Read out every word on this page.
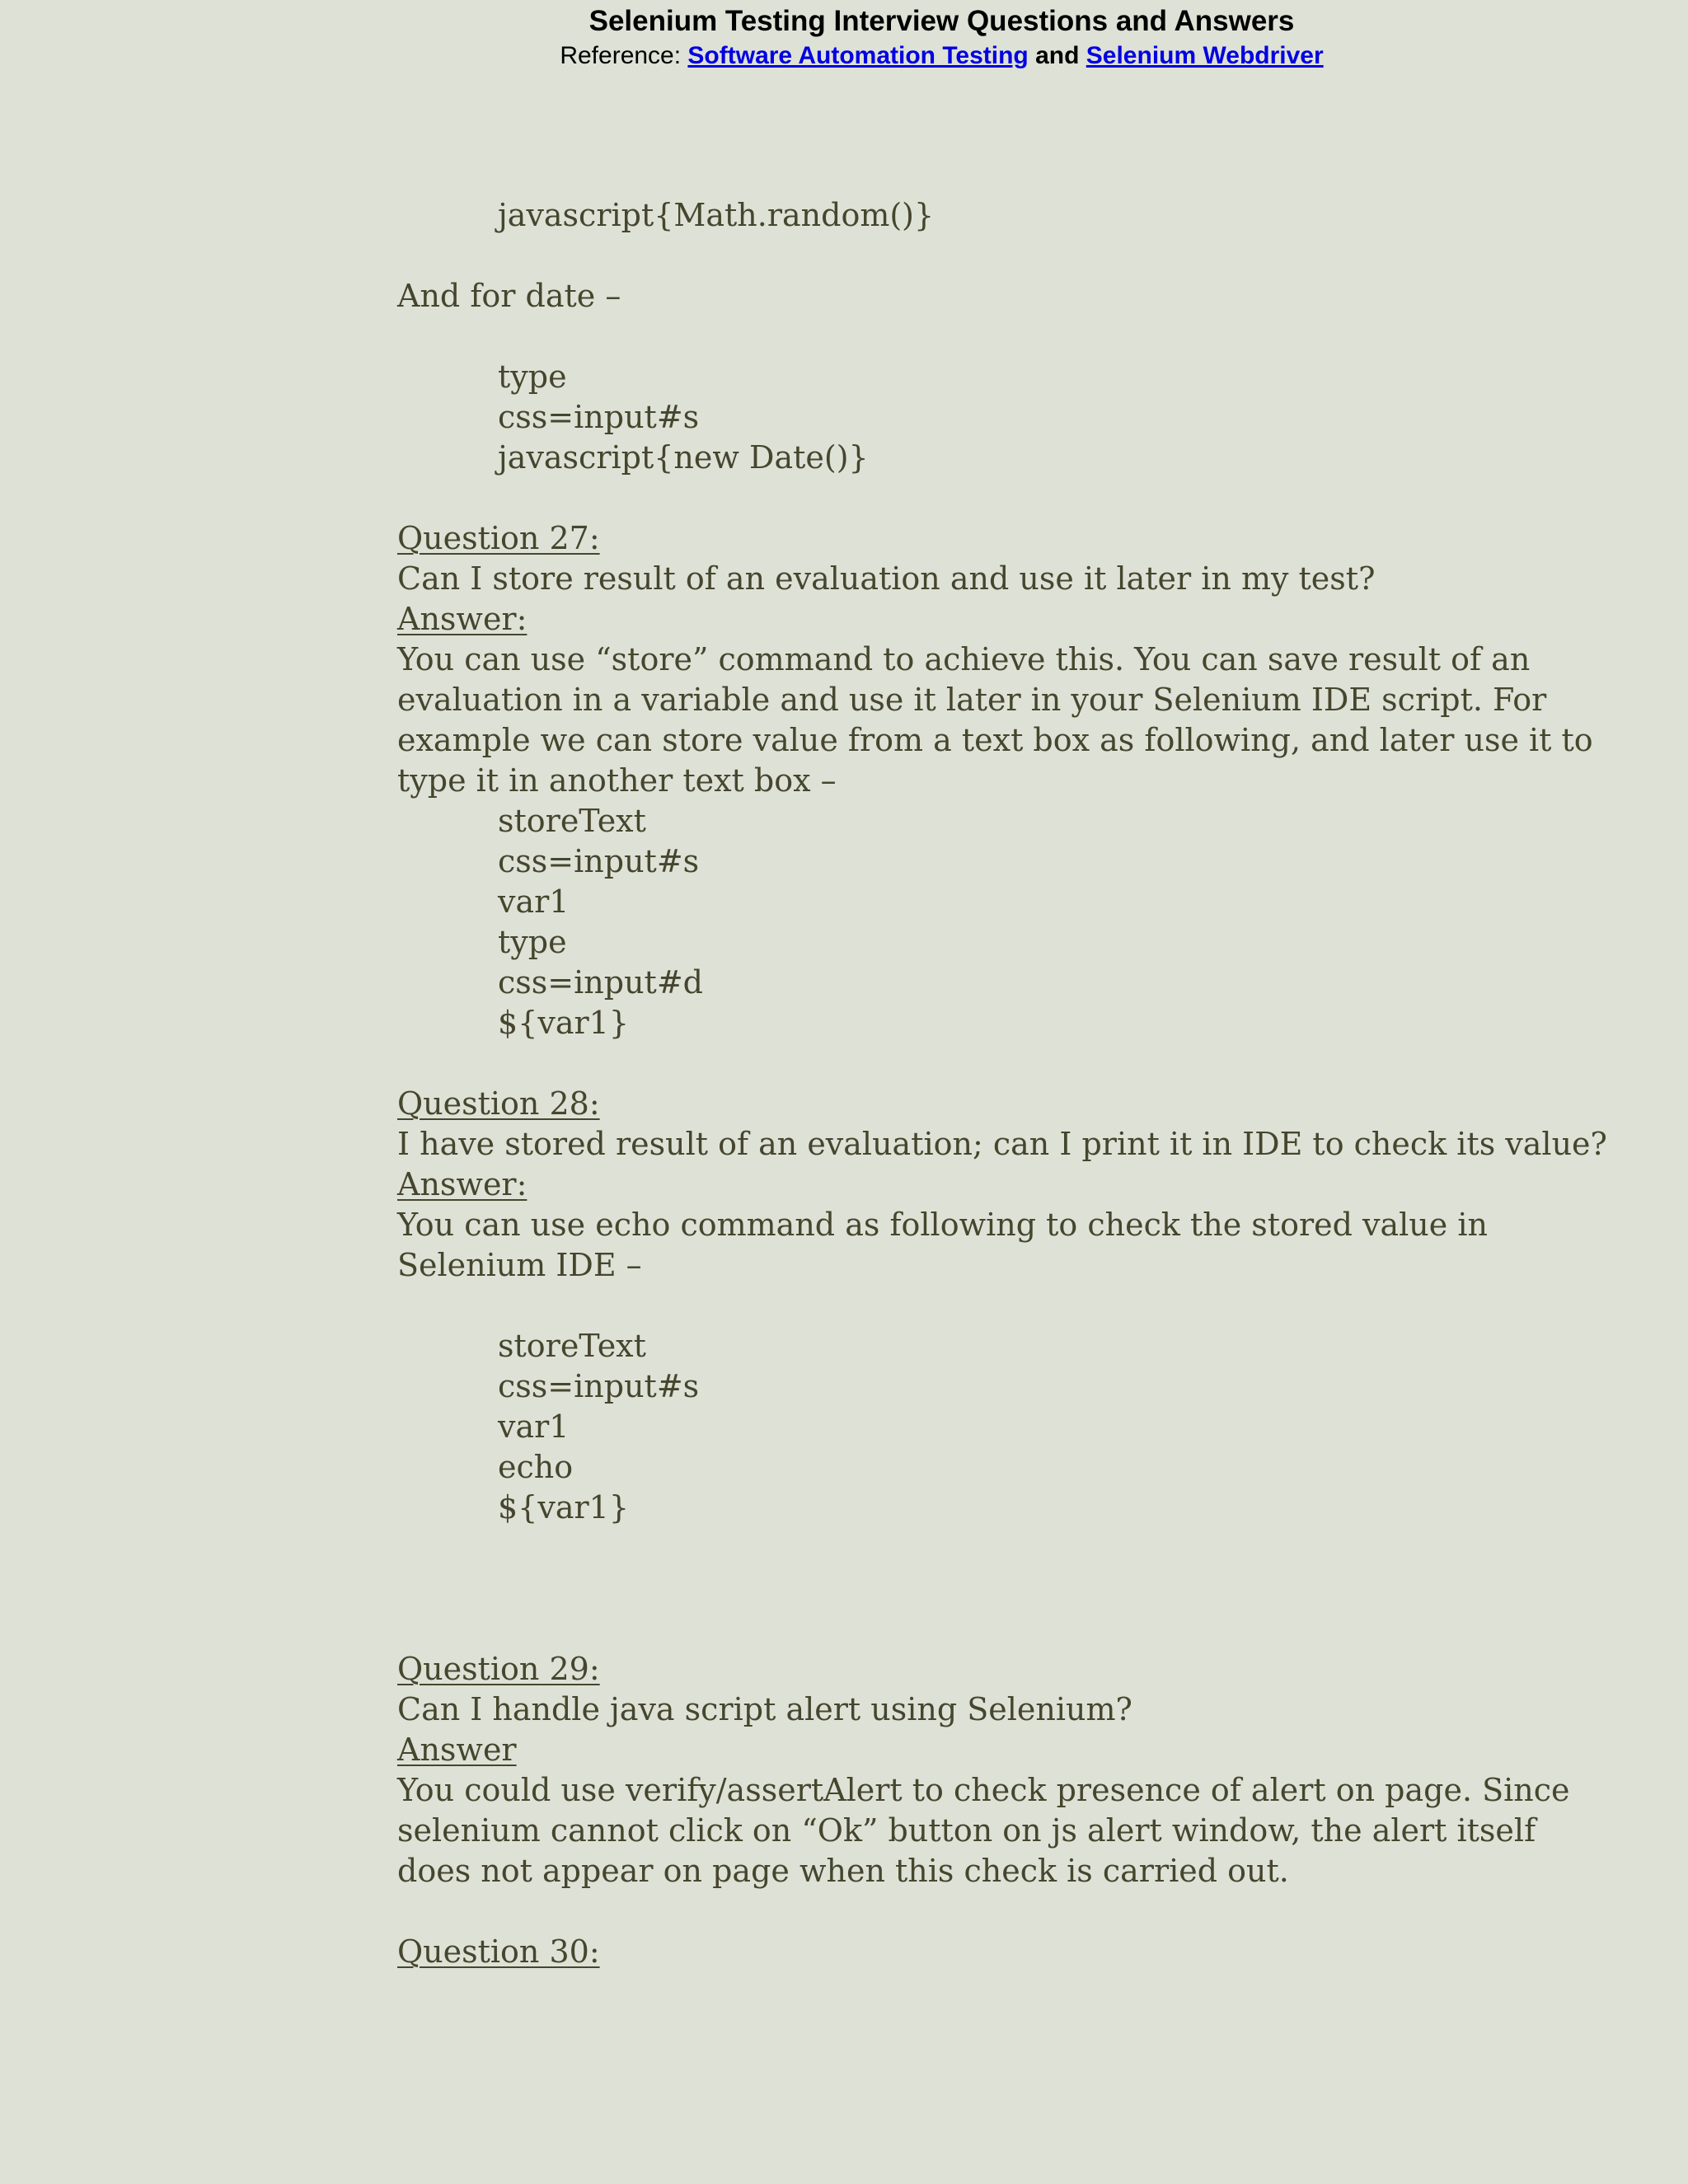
Selenium Testing Interview Questions and Answers
Reference: Software Automation Testing and Selenium Webdriver
javascript{Math.random()}
And for date –
type
css=input#s
javascript{new Date()}
Question 27:
Can I store result of an evaluation and use it later in my test?
Answer:
You can use “store” command to achieve this. You can save result of an
evaluation in a variable and use it later in your Selenium IDE script. For
example we can store value from a text box as following, and later use it to
type it in another text box –
storeText
css=input#s
var1
type
css=input#d
${var1}
Question 28:
I have stored result of an evaluation; can I print it in IDE to check its value?
Answer:
You can use echo command as following to check the stored value in
Selenium IDE –
storeText
css=input#s
var1
echo
${var1}
Question 29:
Can I handle java script alert using Selenium?
Answer
You could use verify/assertAlert to check presence of alert on page. Since
selenium cannot click on “Ok” button on js alert window, the alert itself
does not appear on page when this check is carried out.
Question 30:
